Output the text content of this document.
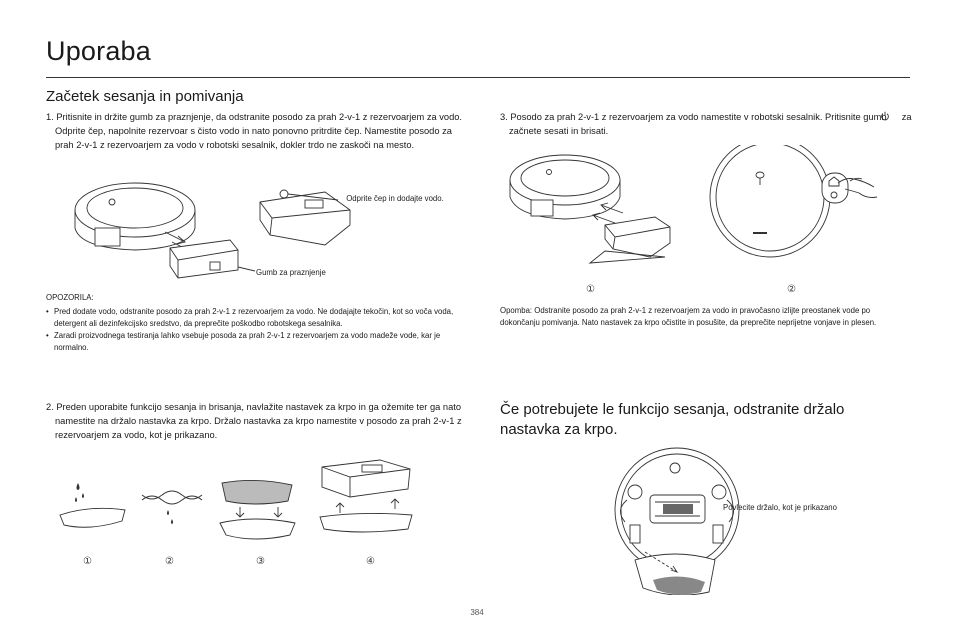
Uporaba
Začetek sesanja in pomivanja
1. Pritisnite in držite gumb za praznjenje, da odstranite posodo za prah 2-v-1 z rezervoarjem za vodo. Odprite čep, napolnite rezervoar s čisto vodo in nato ponovno pritrdite čep. Namestite posodo za prah 2-v-1 z rezervoarjem za vodo v robotski sesalnik, dokler trdo ne zaskoči na mesto.
Odprite čep in dodajte vodo.
Gumb za praznjenje
OPOZORILA:
• Pred dodate vodo, odstranite posodo za prah 2-v-1 z rezervoarjem za vodo. Ne dodajajte tekočin, kot so voča voda, detergent ali dezinfekcijsko sredstvo, da preprečite poškodbo robotskega sesalnika.
• Zaradi proizvodnega testiranja lahko vsebuje posoda za prah 2-v-1 z rezervoarjem za vodo madeže vode, kar je normalno.
2. Preden uporabite funkcijo sesanja in brisanja, navlažite nastavek za krpo in ga ožemite ter ga nato namestite na držalo nastavka za krpo. Držalo nastavka za krpo namestite v posodo za prah 2-v-1 z rezervoarjem za vodo, kot je prikazano.
①	②	③	④
3. Posodo za prah 2-v-1 z rezervoarjem za vodo namestite v robotski sesalnik. Pritisnite gumb za začnete sesati in brisati.
①	②
Opomba: Odstranite posodo za prah 2-v-1 z rezervoarjem za vodo in pravočasno izlijte preostanek vode po dokončanju pomivanja. Nato nastavek za krpo očistite in posušite, da preprečite neprijetne vonjave in plesen.
Če potrebujete le funkcijo sesanja, odstranite držalo nastavka za krpo.
Povlecite držalo, kot je prikazano
384
